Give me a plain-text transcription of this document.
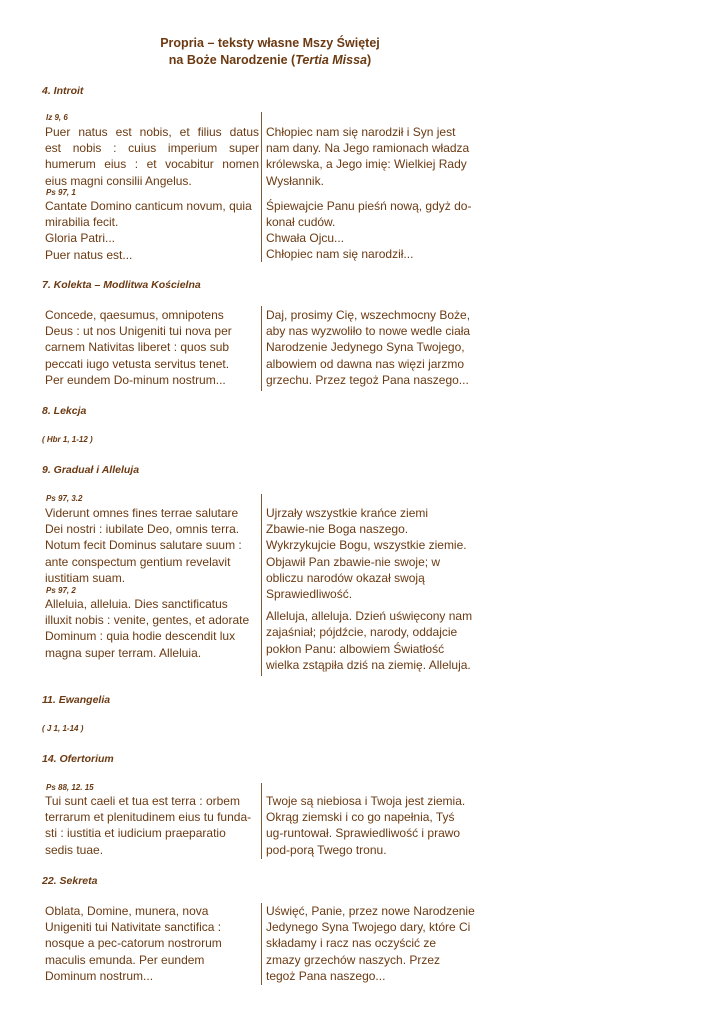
Propria – teksty własne Mszy Świętej
na Boże Narodzenie (Tertia Missa)
4. Introit
Iz 9, 6
Puer natus est nobis, et filius datus
est nobis : cuius imperium super
humerum eius : et vocabitur nomen
eius magni consilii Angelus.
Ps 97, 1
Cantate Domino canticum novum, quia
mirabilia fecit.
Gloria Patri...
Puer natus est...
Chłopiec nam się narodził i Syn jest
nam dany. Na Jego ramionach władza
królewska, a Jego imię: Wielkiej Rady
Wysłannik.
Śpiewajcie Panu pieśń nową, gdyż do-
konał cudów.
Chwała Ojcu...
Chłopiec nam się narodził...
7. Kolekta – Modlitwa Kościelna
Concede, qaesumus, omnipotens
Deus : ut nos Unigeniti tui nova per
carnem Nativitas liberet : quos sub
peccati iugo vetusta servitus tenet.
Per eundem Do-minum nostrum...
Daj, prosimy Cię, wszechmocny Boże,
aby nas wyzwoliło to nowe wedle ciała
Narodzenie Jedynego Syna Twojego,
albowiem od dawna nas więzi jarzmo
grzechu. Przez tegoż Pana naszego...
8. Lekcja
( Hbr 1, 1-12 )
9. Graduał i Alleluja
Ps 97, 3.2
Viderunt omnes fines terrae salutare
Dei nostri : iubilate Deo, omnis terra.
Notum fecit Dominus salutare suum :
ante conspectum gentium revelavit
iustitiam suam.
Ps 97, 2
Alleluia, alleluia. Dies sanctificatus
illuxit nobis : venite, gentes, et adorate
Dominum : quia hodie descendit lux
magna super terram. Alleluia.
Ujrzały wszystkie krańce ziemi
Zbawie-nie Boga naszego.
Wykrzykujcie Bogu, wszystkie ziemie.
Objawił Pan zbawie-nie swoje; w
obliczu narodów okazał swoją
Sprawiedliwość.
Alleluja, alleluja. Dzień uświęcony nam
zajaśniał; pójdźcie, narody, oddajcie
pokłon Panu: albowiem Światłość
wielka zstąpiła dziś na ziemię. Alleluja.
11. Ewangelia
( J 1, 1-14 )
14. Ofertorium
Ps 88, 12. 15
Tui sunt caeli et tua est terra : orbem
terrarum et plenitudinem eius tu funda-
sti : iustitia et iudicium praeparatio
sedis tuae.
Twoje są niebiosa i Twoja jest ziemia.
Okrąg ziemski i co go napełnia, Tyś
ug-runtował. Sprawiedliwość i prawo
pod-porą Twego tronu.
22. Sekreta
Oblata, Domine, munera, nova
Unigeniti tui Nativitate sanctifica :
nosque a pec-catorum nostrorum
maculis emunda. Per eundem
Dominum nostrum...
Uświęć, Panie, przez nowe Narodzenie
Jedynego Syna Twojego dary, które Ci
składamy i racz nas oczyścić ze
zmazy grzechów naszych. Przez
tegoż Pana naszego...
